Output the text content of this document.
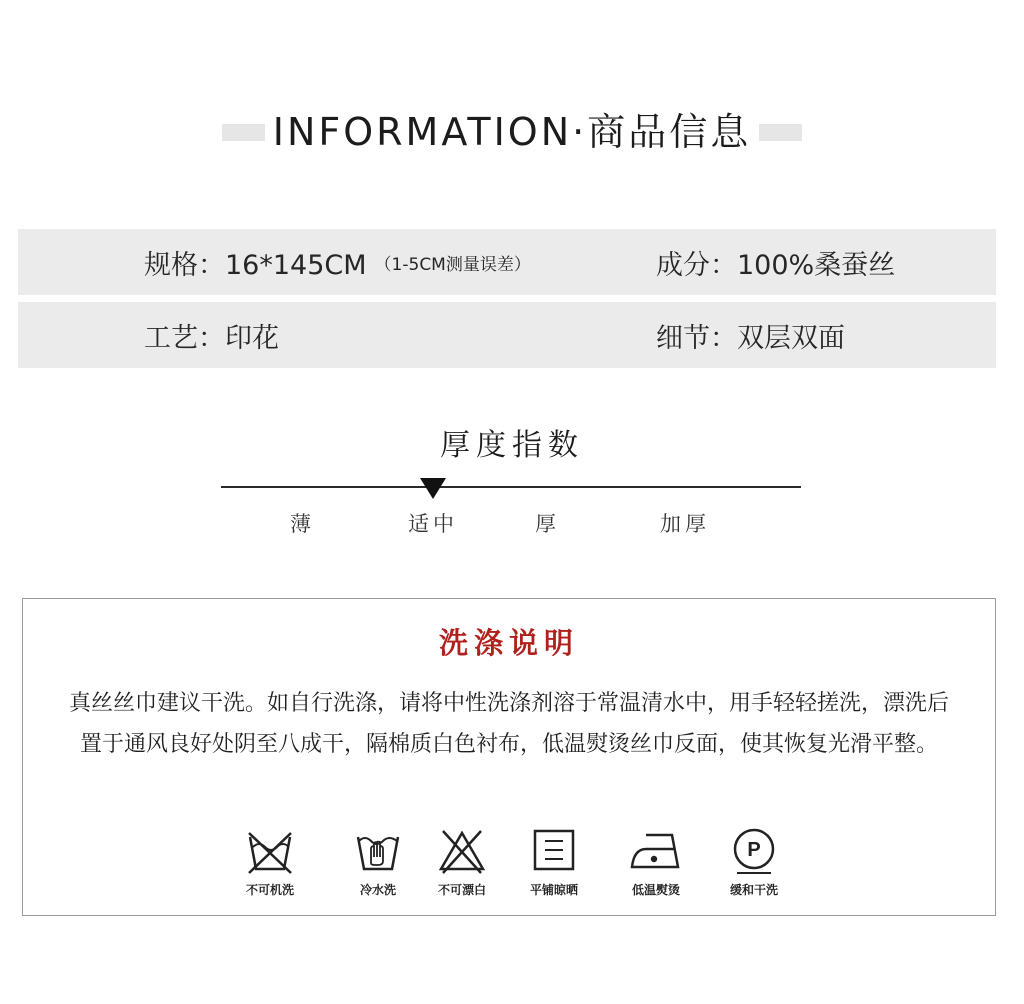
INFORMATION·商品信息
规格：16*145CM （1-5CM测量误差）	成分：100%桑蚕丝
工艺：印花	细节：双层双面
厚度指数
薄	适中	厚	加厚
洗涤说明
真丝丝巾建议干洗。如自行洗涤，请将中性洗涤剂溶于常温清水中，用手轻轻搓洗，漂洗后置于通风良好处阴至八成干，隔棉质白色衬布，低温熨烫丝巾反面，使其恢复光滑平整。
不可机洗	冷水洗	不可漂白	平铺晾晒	低温熨烫
P
缓和干洗
